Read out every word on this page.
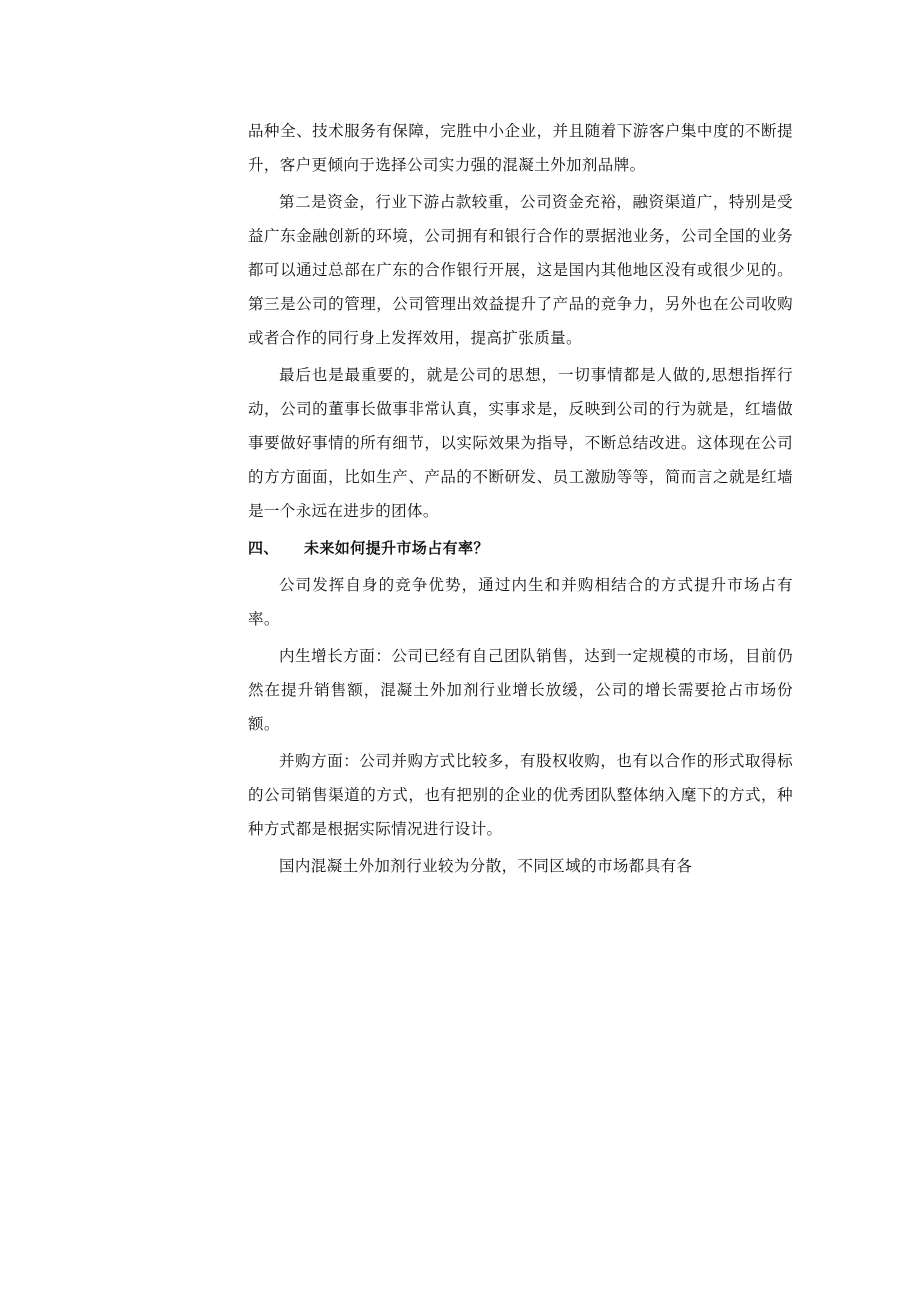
品种全、技术服务有保障，完胜中小企业，并且随着下游客户集中度的不断提升，客户更倾向于选择公司实力强的混凝土外加剂品牌。

第二是资金，行业下游占款较重，公司资金充裕，融资渠道广，特别是受益广东金融创新的环境，公司拥有和银行合作的票据池业务，公司全国的业务都可以通过总部在广东的合作银行开展，这是国内其他地区没有或很少见的。第三是公司的管理，公司管理出效益提升了产品的竞争力，另外也在公司收购或者合作的同行身上发挥效用，提高扩张质量。

最后也是最重要的，就是公司的思想，一切事情都是人做的,思想指挥行动，公司的董事长做事非常认真，实事求是，反映到公司的行为就是，红墙做事要做好事情的所有细节，以实际效果为指导，不断总结改进。这体现在公司的方方面面，比如生产、产品的不断研发、员工激励等等，简而言之就是红墙是一个永远在进步的团体。

四、 未来如何提升市场占有率？

公司发挥自身的竞争优势，通过内生和并购相结合的方式提升市场占有率。

内生增长方面：公司已经有自己团队销售，达到一定规模的市场，目前仍然在提升销售额，混凝土外加剂行业增长放缓，公司的增长需要抢占市场份额。

并购方面：公司并购方式比较多，有股权收购，也有以合作的形式取得标的公司销售渠道的方式，也有把别的企业的优秀团队整体纳入麾下的方式，种种方式都是根据实际情况进行设计。

国内混凝土外加剂行业较为分散，不同区域的市场都具有各
